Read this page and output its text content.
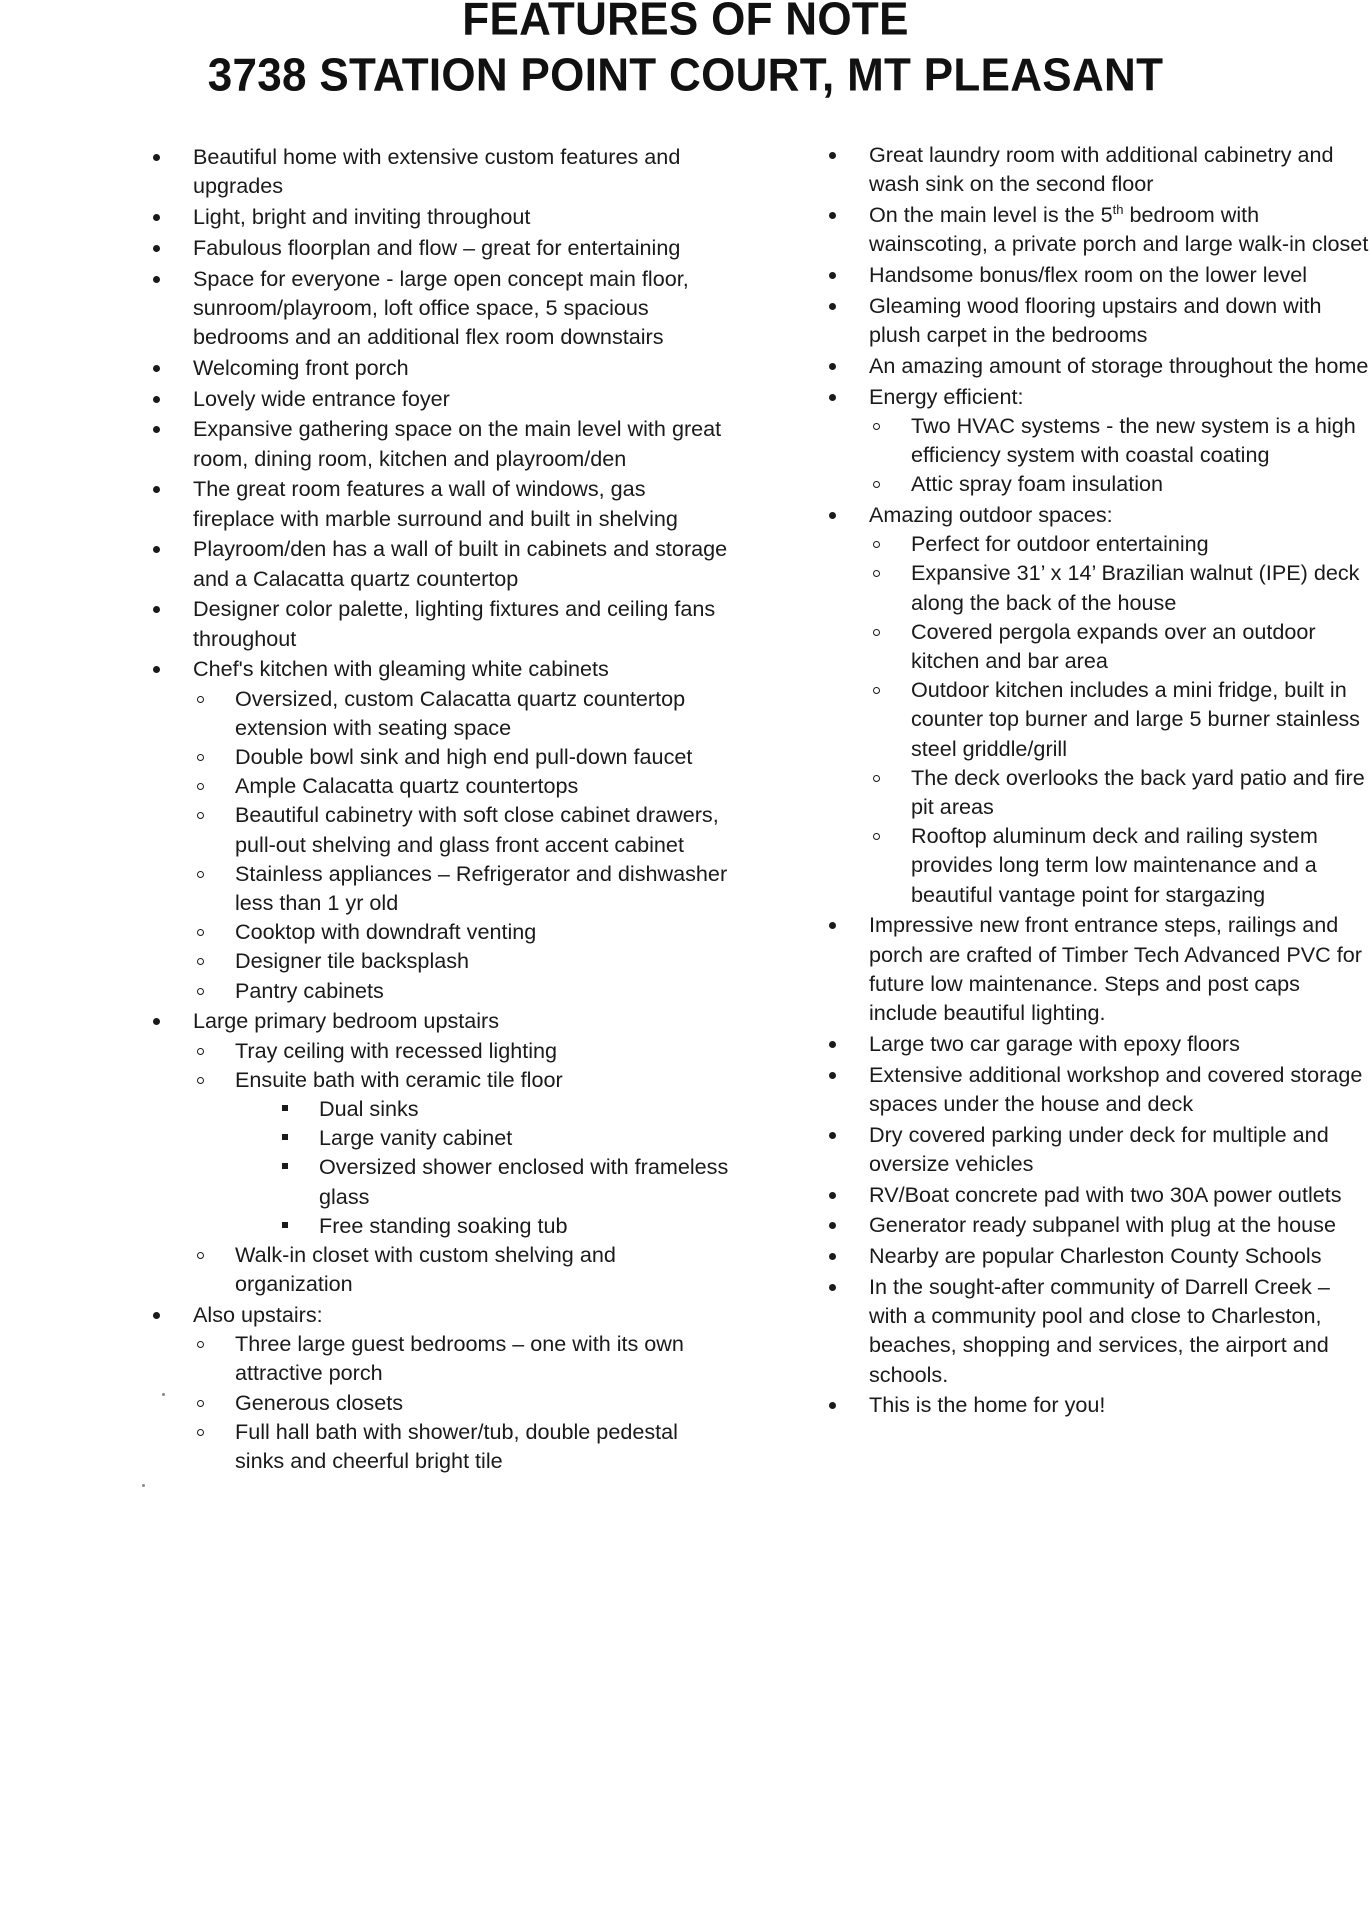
FEATURES OF NOTE
3738 STATION POINT COURT, MT PLEASANT
Beautiful home with extensive custom features and upgrades
Light, bright and inviting throughout
Fabulous floorplan and flow – great for entertaining
Space for everyone - large open concept main floor, sunroom/playroom, loft office space, 5 spacious bedrooms and an additional flex room downstairs
Welcoming front porch
Lovely wide entrance foyer
Expansive gathering space on the main level with great room, dining room, kitchen and playroom/den
The great room features a wall of windows, gas fireplace with marble surround and built in shelving
Playroom/den has a wall of built in cabinets and storage and a Calacatta quartz countertop
Designer color palette, lighting fixtures and ceiling fans throughout
Chef's kitchen with gleaming white cabinets
Oversized, custom Calacatta quartz countertop extension with seating space
Double bowl sink and high end pull-down faucet
Ample Calacatta quartz countertops
Beautiful cabinetry with soft close cabinet drawers, pull-out shelving and glass front accent cabinet
Stainless appliances – Refrigerator and dishwasher less than 1 yr old
Cooktop with downdraft venting
Designer tile backsplash
Pantry cabinets
Large primary bedroom upstairs
Tray ceiling with recessed lighting
Ensuite bath with ceramic tile floor
Dual sinks
Large vanity cabinet
Oversized shower enclosed with frameless glass
Free standing soaking tub
Walk-in closet with custom shelving and organization
Also upstairs:
Three large guest bedrooms – one with its own attractive porch
Generous closets
Full hall bath with shower/tub, double pedestal sinks and cheerful bright tile
Great laundry room with additional cabinetry and wash sink on the second floor
On the main level is the 5th bedroom with wainscoting, a private porch and large walk-in closet
Handsome bonus/flex room on the lower level
Gleaming wood flooring upstairs and down with plush carpet in the bedrooms
An amazing amount of storage throughout the home
Energy efficient:
Two HVAC systems - the new system is a high efficiency system with coastal coating
Attic spray foam insulation
Amazing outdoor spaces:
Perfect for outdoor entertaining
Expansive 31’ x 14’ Brazilian walnut (IPE) deck along the back of the house
Covered pergola expands over an outdoor kitchen and bar area
Outdoor kitchen includes a mini fridge, built in counter top burner and large 5 burner stainless steel griddle/grill
The deck overlooks the back yard patio and fire pit areas
Rooftop aluminum deck and railing system provides long term low maintenance and a beautiful vantage point for stargazing
Impressive new front entrance steps, railings and porch are crafted of Timber Tech Advanced PVC for future low maintenance. Steps and post caps include beautiful lighting.
Large two car garage with epoxy floors
Extensive additional workshop and covered storage spaces under the house and deck
Dry covered parking under deck for multiple and oversize vehicles
RV/Boat concrete pad with two 30A power outlets
Generator ready subpanel with plug at the house
Nearby are popular Charleston County Schools
In the sought-after community of Darrell Creek – with a community pool and close to Charleston, beaches, shopping and services, the airport and schools.
This is the home for you!
